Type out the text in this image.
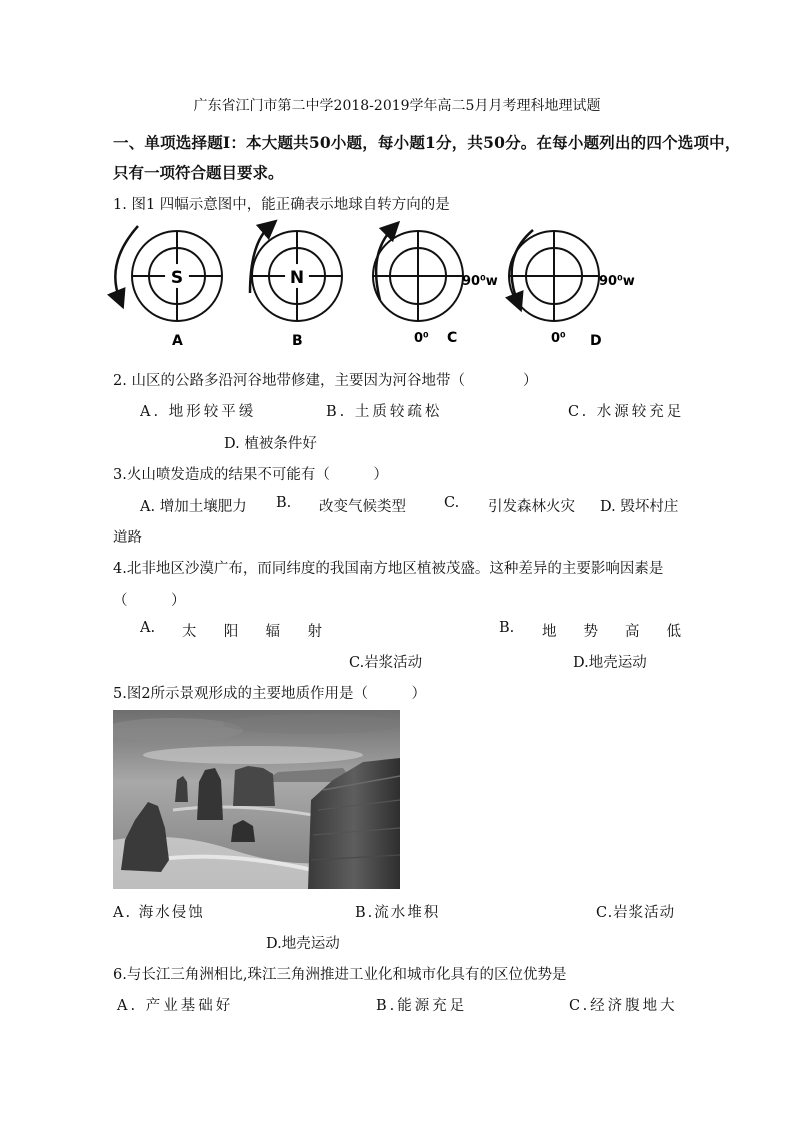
广东省江门市第二中学2018-2019学年高二5月月考理科地理试题
一、单项选择题I：本大题共50小题，每小题1分，共50分。在每小题列出的四个选项中，
只有一项符合题目要求。
1. 图1 四幅示意图中，能正确表示地球自转方向的是
S	N	90⁰w
0⁰
90⁰w
0⁰
A	B	C	D
2. 山区的公路多沿河谷地带修建，主要因为河谷地带（　　　　）
A. 地形较平缓	B. 土质较疏松	C. 水源较充足
D. 植被条件好
3.火山喷发造成的结果不可能有（　　　）
A. 增加土壤肥力 B. 改变气候类型	C. 引发森林火灾 D. 毁坏村庄
道路
4.北非地区沙漠广布，而同纬度的我国南方地区植被茂盛。这种差异的主要影响因素是
（　　　）
A. 太 阳 辐 射	B. 地 势 高 低
C.岩浆活动	D.地壳运动
5.图2所示景观形成的主要地质作用是（　　　）
A. 海水侵蚀	B.流水堆积	C.岩浆活动
D.地壳运动
6.与长江三角洲相比,珠江三角洲推进工业化和城市化具有的区位优势是
A. 产业基础好	B.能源充足	C.经济腹地大
